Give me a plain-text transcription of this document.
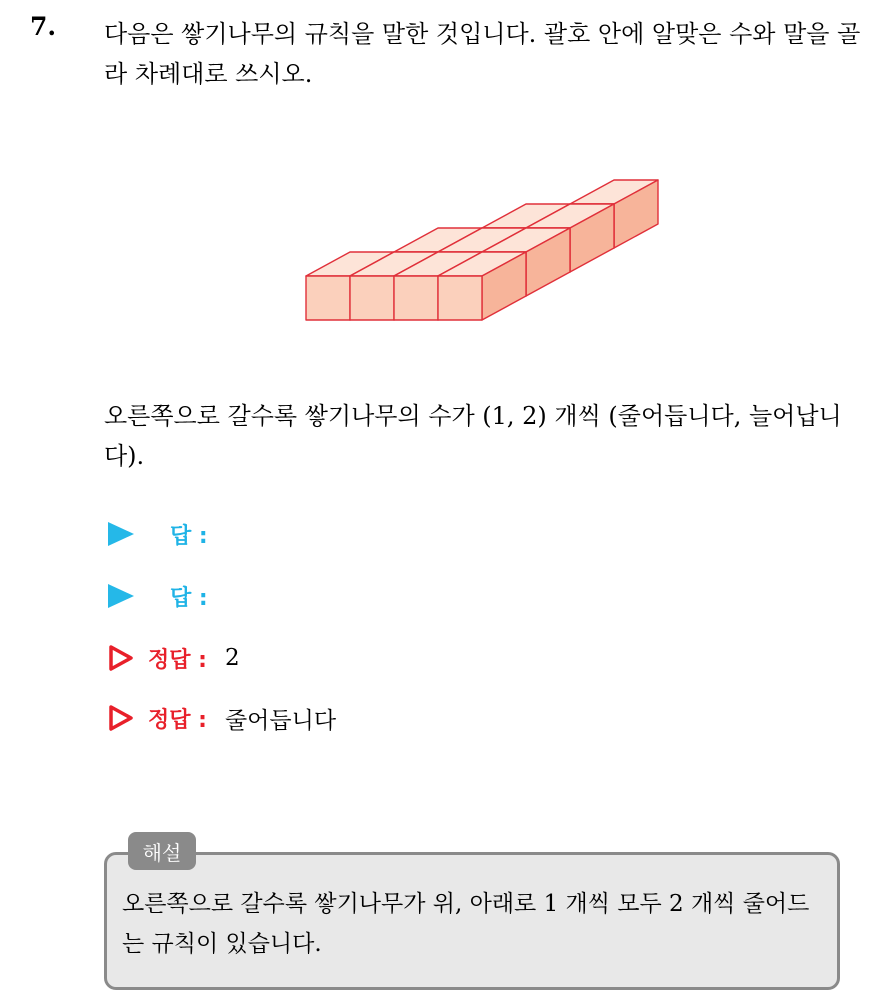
7. 다음은 쌓기나무의 규칙을 말한 것입니다. 괄호 안에 알맞은 수와 말을 골라 차례대로 쓰시오.
오른쪽으로 갈수록 쌓기나무의 수가 (1, 2) 개씩 (줄어듭니다, 늘어납니다).
답 :
답 :
정답 : 2
정답 : 줄어듭니다
해설
오른쪽으로 갈수록 쌓기나무가 위, 아래로 1 개씩 모두 2 개씩 줄어드는 규칙이 있습니다.
